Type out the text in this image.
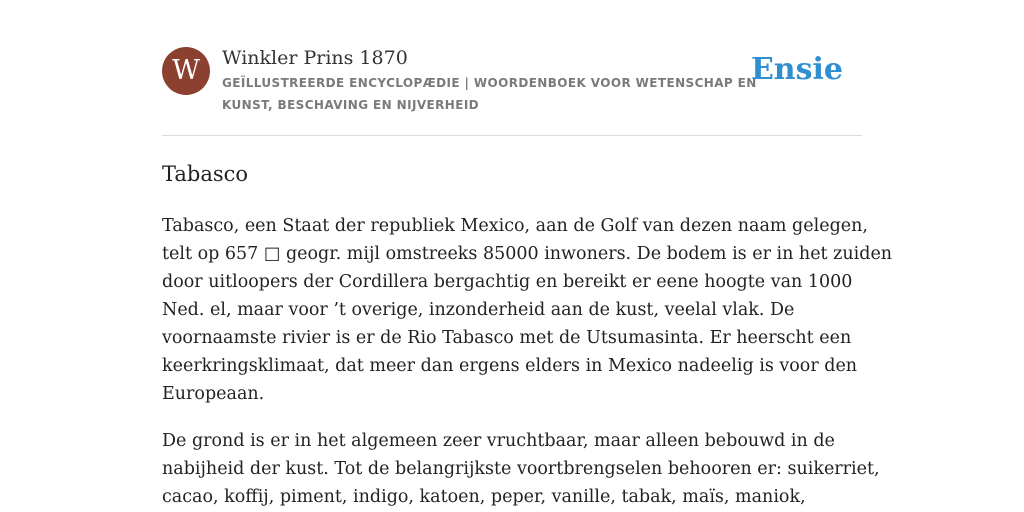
W	Winkler Prins 1870
GEÏLLUSTREERDE ENCYCLOPÆDIE | WOORDENBOEK VOOR WETENSCHAP EN KUNST, BESCHAVING EN NIJVERHEID
Ensie
Tabasco

Tabasco, een Staat der republiek Mexico, aan de Golf van dezen naam gelegen,
telt op 657 □ geogr. mijl omstreeks 85000 inwoners. De bodem is er in het zuiden
door uitloopers der Cordillera bergachtig en bereikt er eene hoogte van 1000
Ned. el, maar voor ’t overige, inzonderheid aan de kust, veelal vlak. De
voornaamste rivier is er de Rio Tabasco met de Utsumasinta. Er heerscht een
keerkringsklimaat, dat meer dan ergens elders in Mexico nadeelig is voor den
Europeaan.

De grond is er in het algemeen zeer vruchtbaar, maar alleen bebouwd in de
nabijheid der kust. Tot de belangrijkste voortbrengselen behooren er: suikerriet,
cacao, koffij, piment, indigo, katoen, peper, vanille, tabak, maïs, maniok,
